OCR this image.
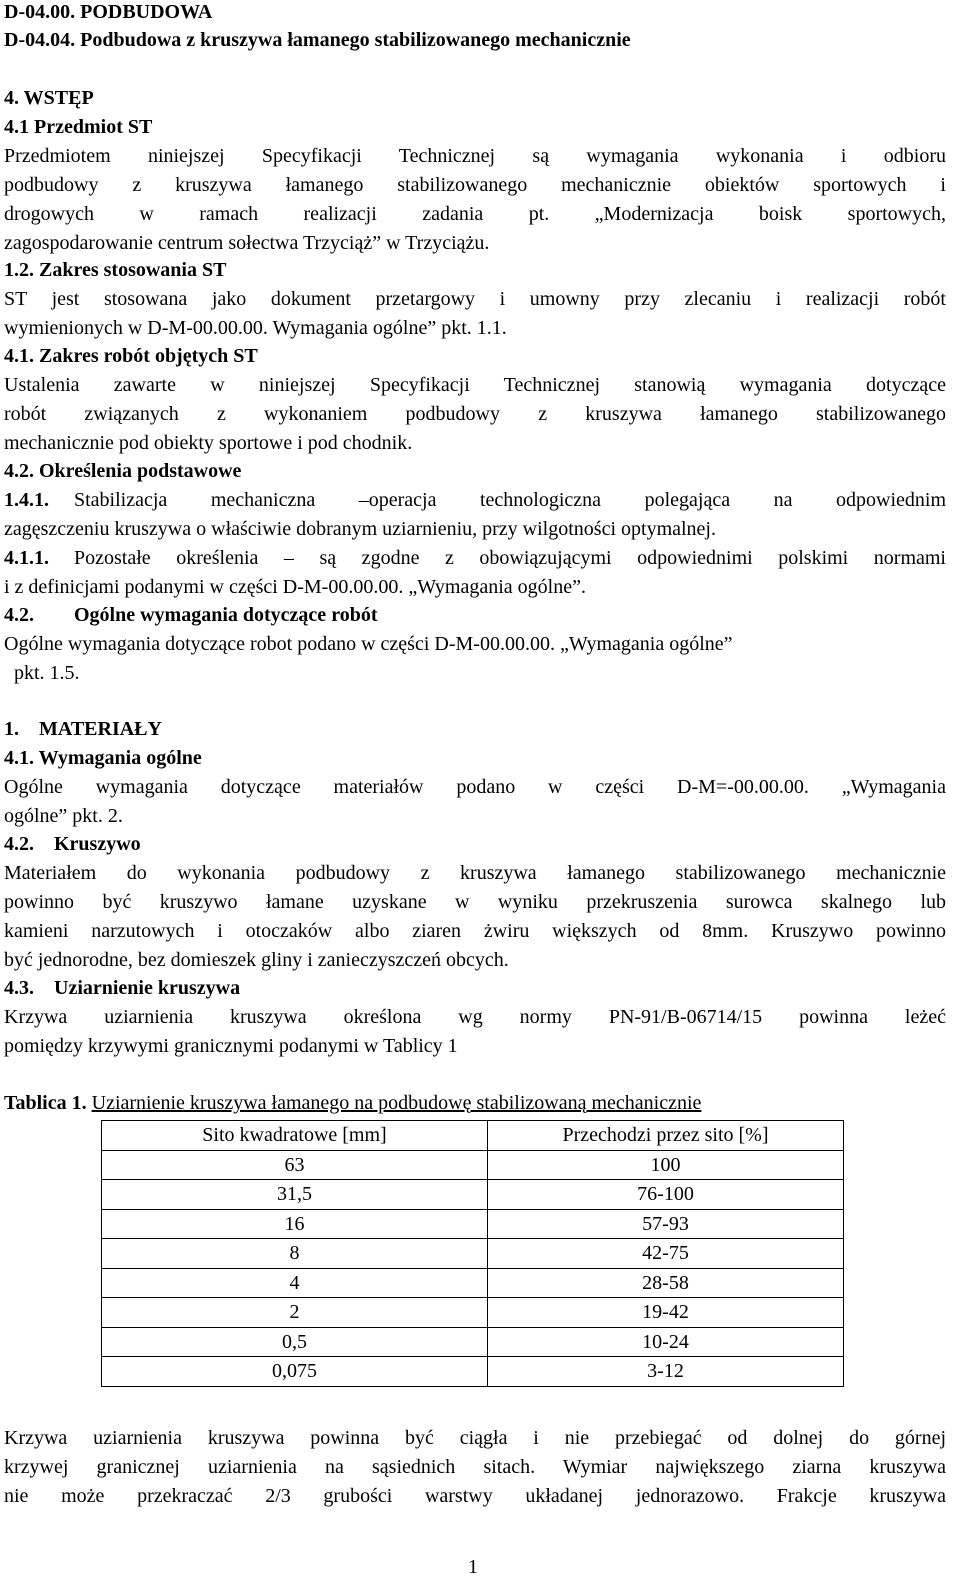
D-04.00. PODBUDOWA
D-04.04. Podbudowa z kruszywa łamanego stabilizowanego mechanicznie
4. WSTĘP
4.1 Przedmiot ST
Przedmiotem niniejszej Specyfikacji Technicznej są wymagania wykonania i odbioru
podbudowy z kruszywa łamanego stabilizowanego mechanicznie obiektów sportowych i
drogowych w ramach realizacji zadania pt. „Modernizacja boisk sportowych,
zagospodarowanie centrum sołectwa Trzyciąż” w Trzyciążu.
1.2. Zakres stosowania ST
ST jest stosowana jako dokument przetargowy i umowny przy zlecaniu i realizacji robót
wymienionych w D-M-00.00.00. Wymagania ogólne” pkt. 1.1.
4.1. Zakres robót objętych ST
Ustalenia zawarte w niniejszej Specyfikacji Technicznej stanowią wymagania dotyczące
robót związanych z wykonaniem podbudowy z kruszywa łamanego stabilizowanego
mechanicznie pod obiekty sportowe i pod chodnik.
4.2. Określenia podstawowe
1.4.1. Stabilizacja mechaniczna –operacja technologiczna polegająca na odpowiednim
zagęszczeniu kruszywa o właściwie dobranym uziarnieniu, przy wilgotności optymalnej.
4.1.1. Pozostałe określenia – są zgodne z obowiązującymi odpowiednimi polskimi normami
i z definicjami podanymi w części D-M-00.00.00. „Wymagania ogólne”.
4.2. Ogólne wymagania dotyczące robót
Ogólne wymagania dotyczące robot podano w części D-M-00.00.00. „Wymagania ogólne”
pkt. 1.5.
1.    MATERIAŁY
4.1. Wymagania ogólne
Ogólne wymagania dotyczące materiałów podano w części D-M=-00.00.00. „Wymagania
ogólne” pkt. 2.
4.2. Kruszywo
Materiałem do wykonania podbudowy z kruszywa łamanego stabilizowanego mechanicznie
powinno być kruszywo łamane uzyskane w wyniku przekruszenia surowca skalnego lub
kamieni narzutowych i otoczaków albo ziaren żwiru większych od 8mm. Kruszywo powinno
być jednorodne, bez domieszek gliny i zanieczyszczeń obcych.
4.3. Uziarnienie kruszywa
Krzywa uziarnienia kruszywa określona wg normy PN-91/B-06714/15 powinna leżeć
pomiędzy krzywymi granicznymi podanymi w Tablicy 1
Tablica 1. Uziarnienie kruszywa łamanego na podbudowę stabilizowaną mechanicznie
Sito kwadratowe [mm]	Przechodzi przez sito [%]
63	100
31,5	76-100
16	57-93
8	42-75
4	28-58
2	19-42
0,5	10-24
0,075	3-12
Krzywa uziarnienia kruszywa powinna być ciągła i nie przebiegać od dolnej do górnej
krzywej granicznej uziarnienia na sąsiednich sitach. Wymiar największego ziarna kruszywa
nie może przekraczać 2/3 grubości warstwy układanej jednorazowo. Frakcje kruszywa
1
